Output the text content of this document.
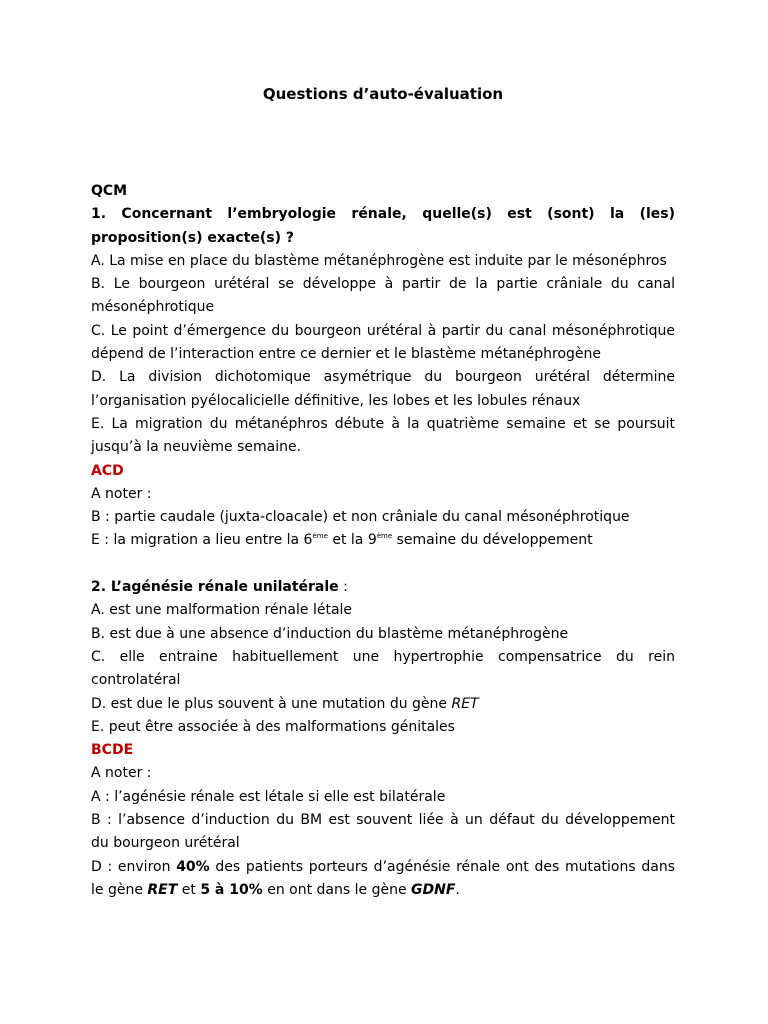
Questions d’auto-évaluation
QCM
1. Concernant l’embryologie rénale, quelle(s) est (sont) la (les)
proposition(s) exacte(s) ?
A. La mise en place du blastème métanéphrogène est induite par le mésonéphros
B. Le bourgeon urétéral se développe à partir de la partie crâniale du canal
mésonéphrotique
C. Le point d’émergence du bourgeon urétéral à partir du canal mésonéphrotique
dépend de l’interaction entre ce dernier et le blastème métanéphrogène
D. La division dichotomique asymétrique du bourgeon urétéral détermine
l’organisation pyélocalicielle définitive, les lobes et les lobules rénaux
E. La migration du métanéphros débute à la quatrième semaine et se poursuit
jusqu’à la neuvième semaine.
ACD
A noter :
B : partie caudale (juxta-cloacale) et non crâniale du canal mésonéphrotique
E : la migration a lieu entre la 6ème et la 9ème semaine du développement
2. L’agénésie rénale unilatérale :
A. est une malformation rénale létale
B. est due à une absence d’induction du blastème métanéphrogène
C. elle entraine habituellement une hypertrophie compensatrice du rein
controlatéral
D. est due le plus souvent à une mutation du gène RET
E. peut être associée à des malformations génitales
BCDE
A noter :
A : l’agénésie rénale est létale si elle est bilatérale
B : l’absence d’induction du BM est souvent liée à un défaut du développement
du bourgeon urétéral
D : environ 40% des patients porteurs d’agénésie rénale ont des mutations dans
le gène RET et 5 à 10% en ont dans le gène GDNF.
